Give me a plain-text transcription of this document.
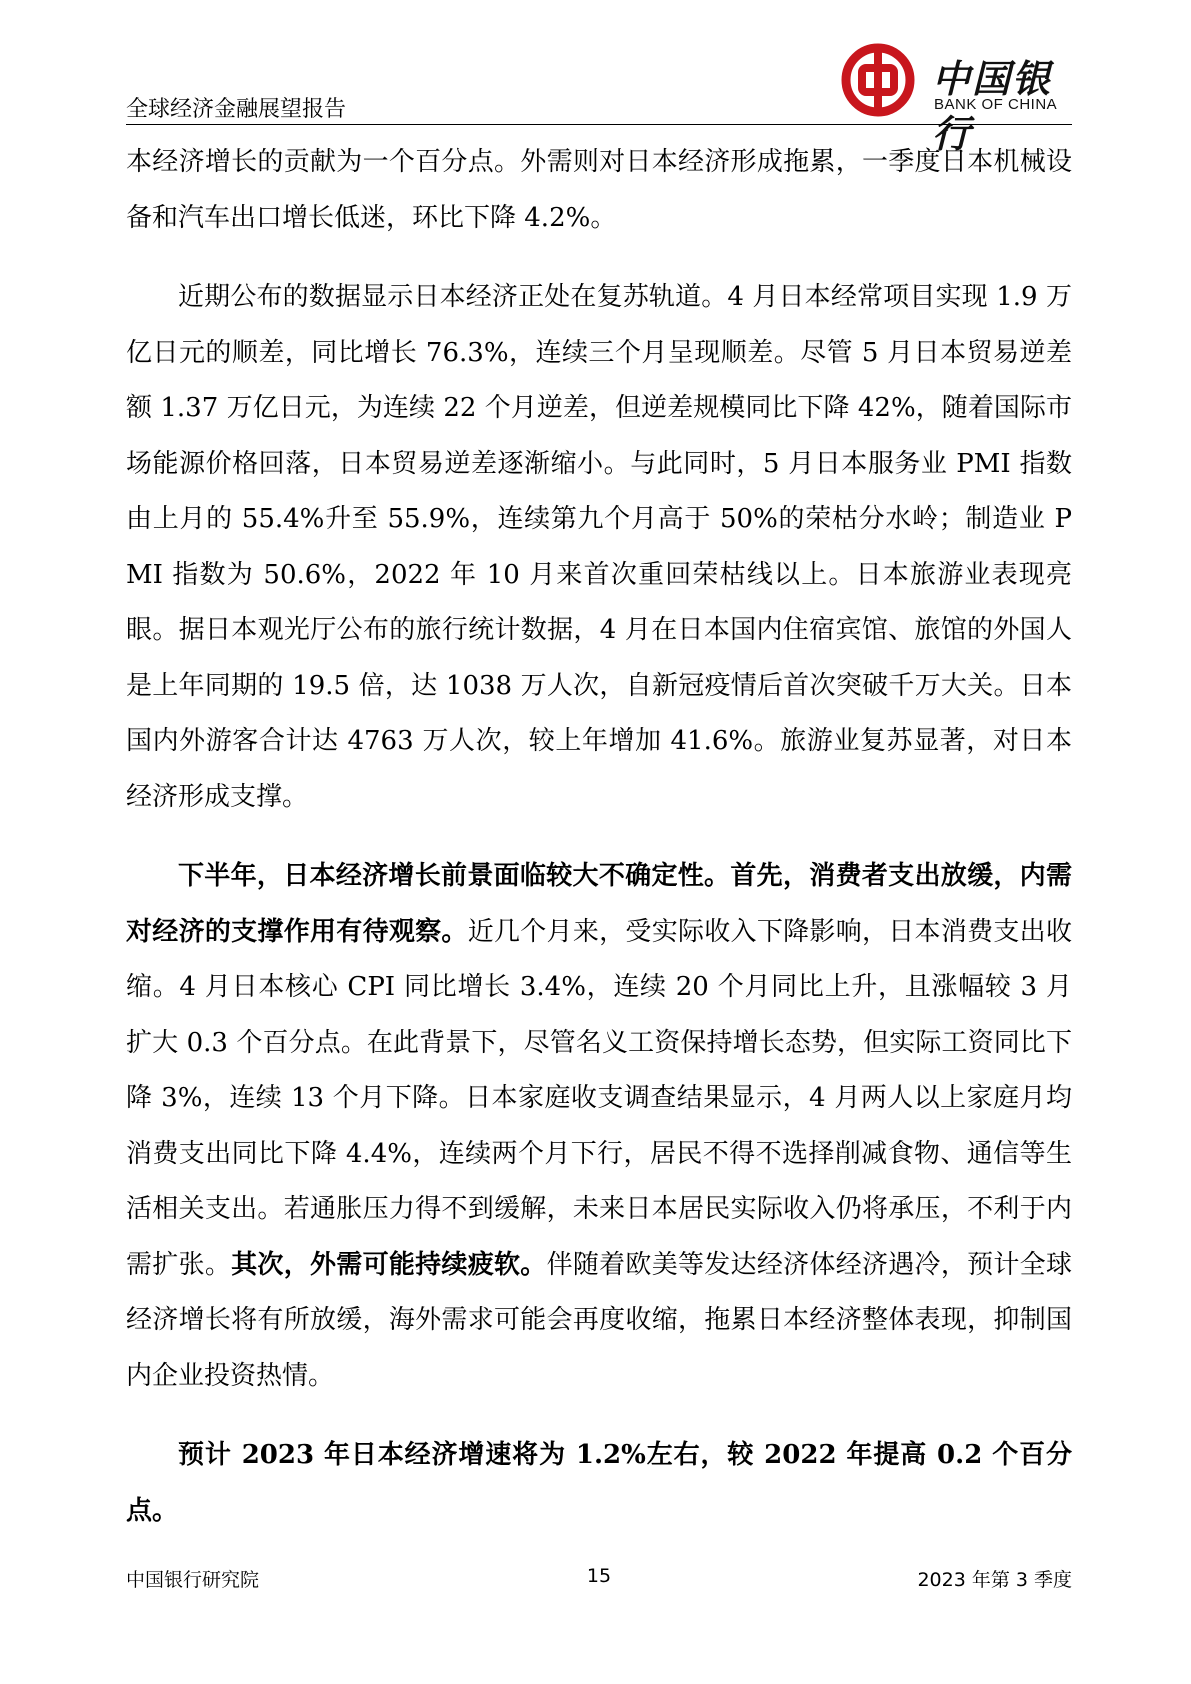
中国银行
BANK OF CHINA
全球经济金融展望报告

本经济增长的贡献为一个百分点。外需则对日本经济形成拖累，一季度日本机械设备和汽车出口增长低迷，环比下降 4.2%。

近期公布的数据显示日本经济正处在复苏轨道。4 月日本经常项目实现 1.9 万亿日元的顺差，同比增长 76.3%，连续三个月呈现顺差。尽管 5 月日本贸易逆差额 1.37 万亿日元，为连续 22 个月逆差，但逆差规模同比下降 42%，随着国际市场能源价格回落，日本贸易逆差逐渐缩小。与此同时，5 月日本服务业 PMI 指数由上月的 55.4%升至 55.9%，连续第九个月高于 50%的荣枯分水岭；制造业 PMI 指数为 50.6%，2022 年 10 月来首次重回荣枯线以上。日本旅游业表现亮眼。据日本观光厅公布的旅行统计数据，4 月在日本国内住宿宾馆、旅馆的外国人是上年同期的 19.5 倍，达 1038 万人次，自新冠疫情后首次突破千万大关。日本国内外游客合计达 4763 万人次，较上年增加 41.6%。旅游业复苏显著，对日本经济形成支撑。

下半年，日本经济增长前景面临较大不确定性。首先，消费者支出放缓，内需对经济的支撑作用有待观察。近几个月来，受实际收入下降影响，日本消费支出收缩。4 月日本核心 CPI 同比增长 3.4%，连续 20 个月同比上升，且涨幅较 3 月扩大 0.3 个百分点。在此背景下，尽管名义工资保持增长态势，但实际工资同比下降 3%，连续 13 个月下降。日本家庭收支调查结果显示，4 月两人以上家庭月均消费支出同比下降 4.4%，连续两个月下行，居民不得不选择削减食物、通信等生活相关支出。若通胀压力得不到缓解，未来日本居民实际收入仍将承压，不利于内需扩张。其次，外需可能持续疲软。伴随着欧美等发达经济体经济遇冷，预计全球经济增长将有所放缓，海外需求可能会再度收缩，拖累日本经济整体表现，抑制国内企业投资热情。

预计 2023 年日本经济增速将为 1.2%左右，较 2022 年提高 0.2 个百分点。

中国银行研究院	15	2023 年第 3 季度
